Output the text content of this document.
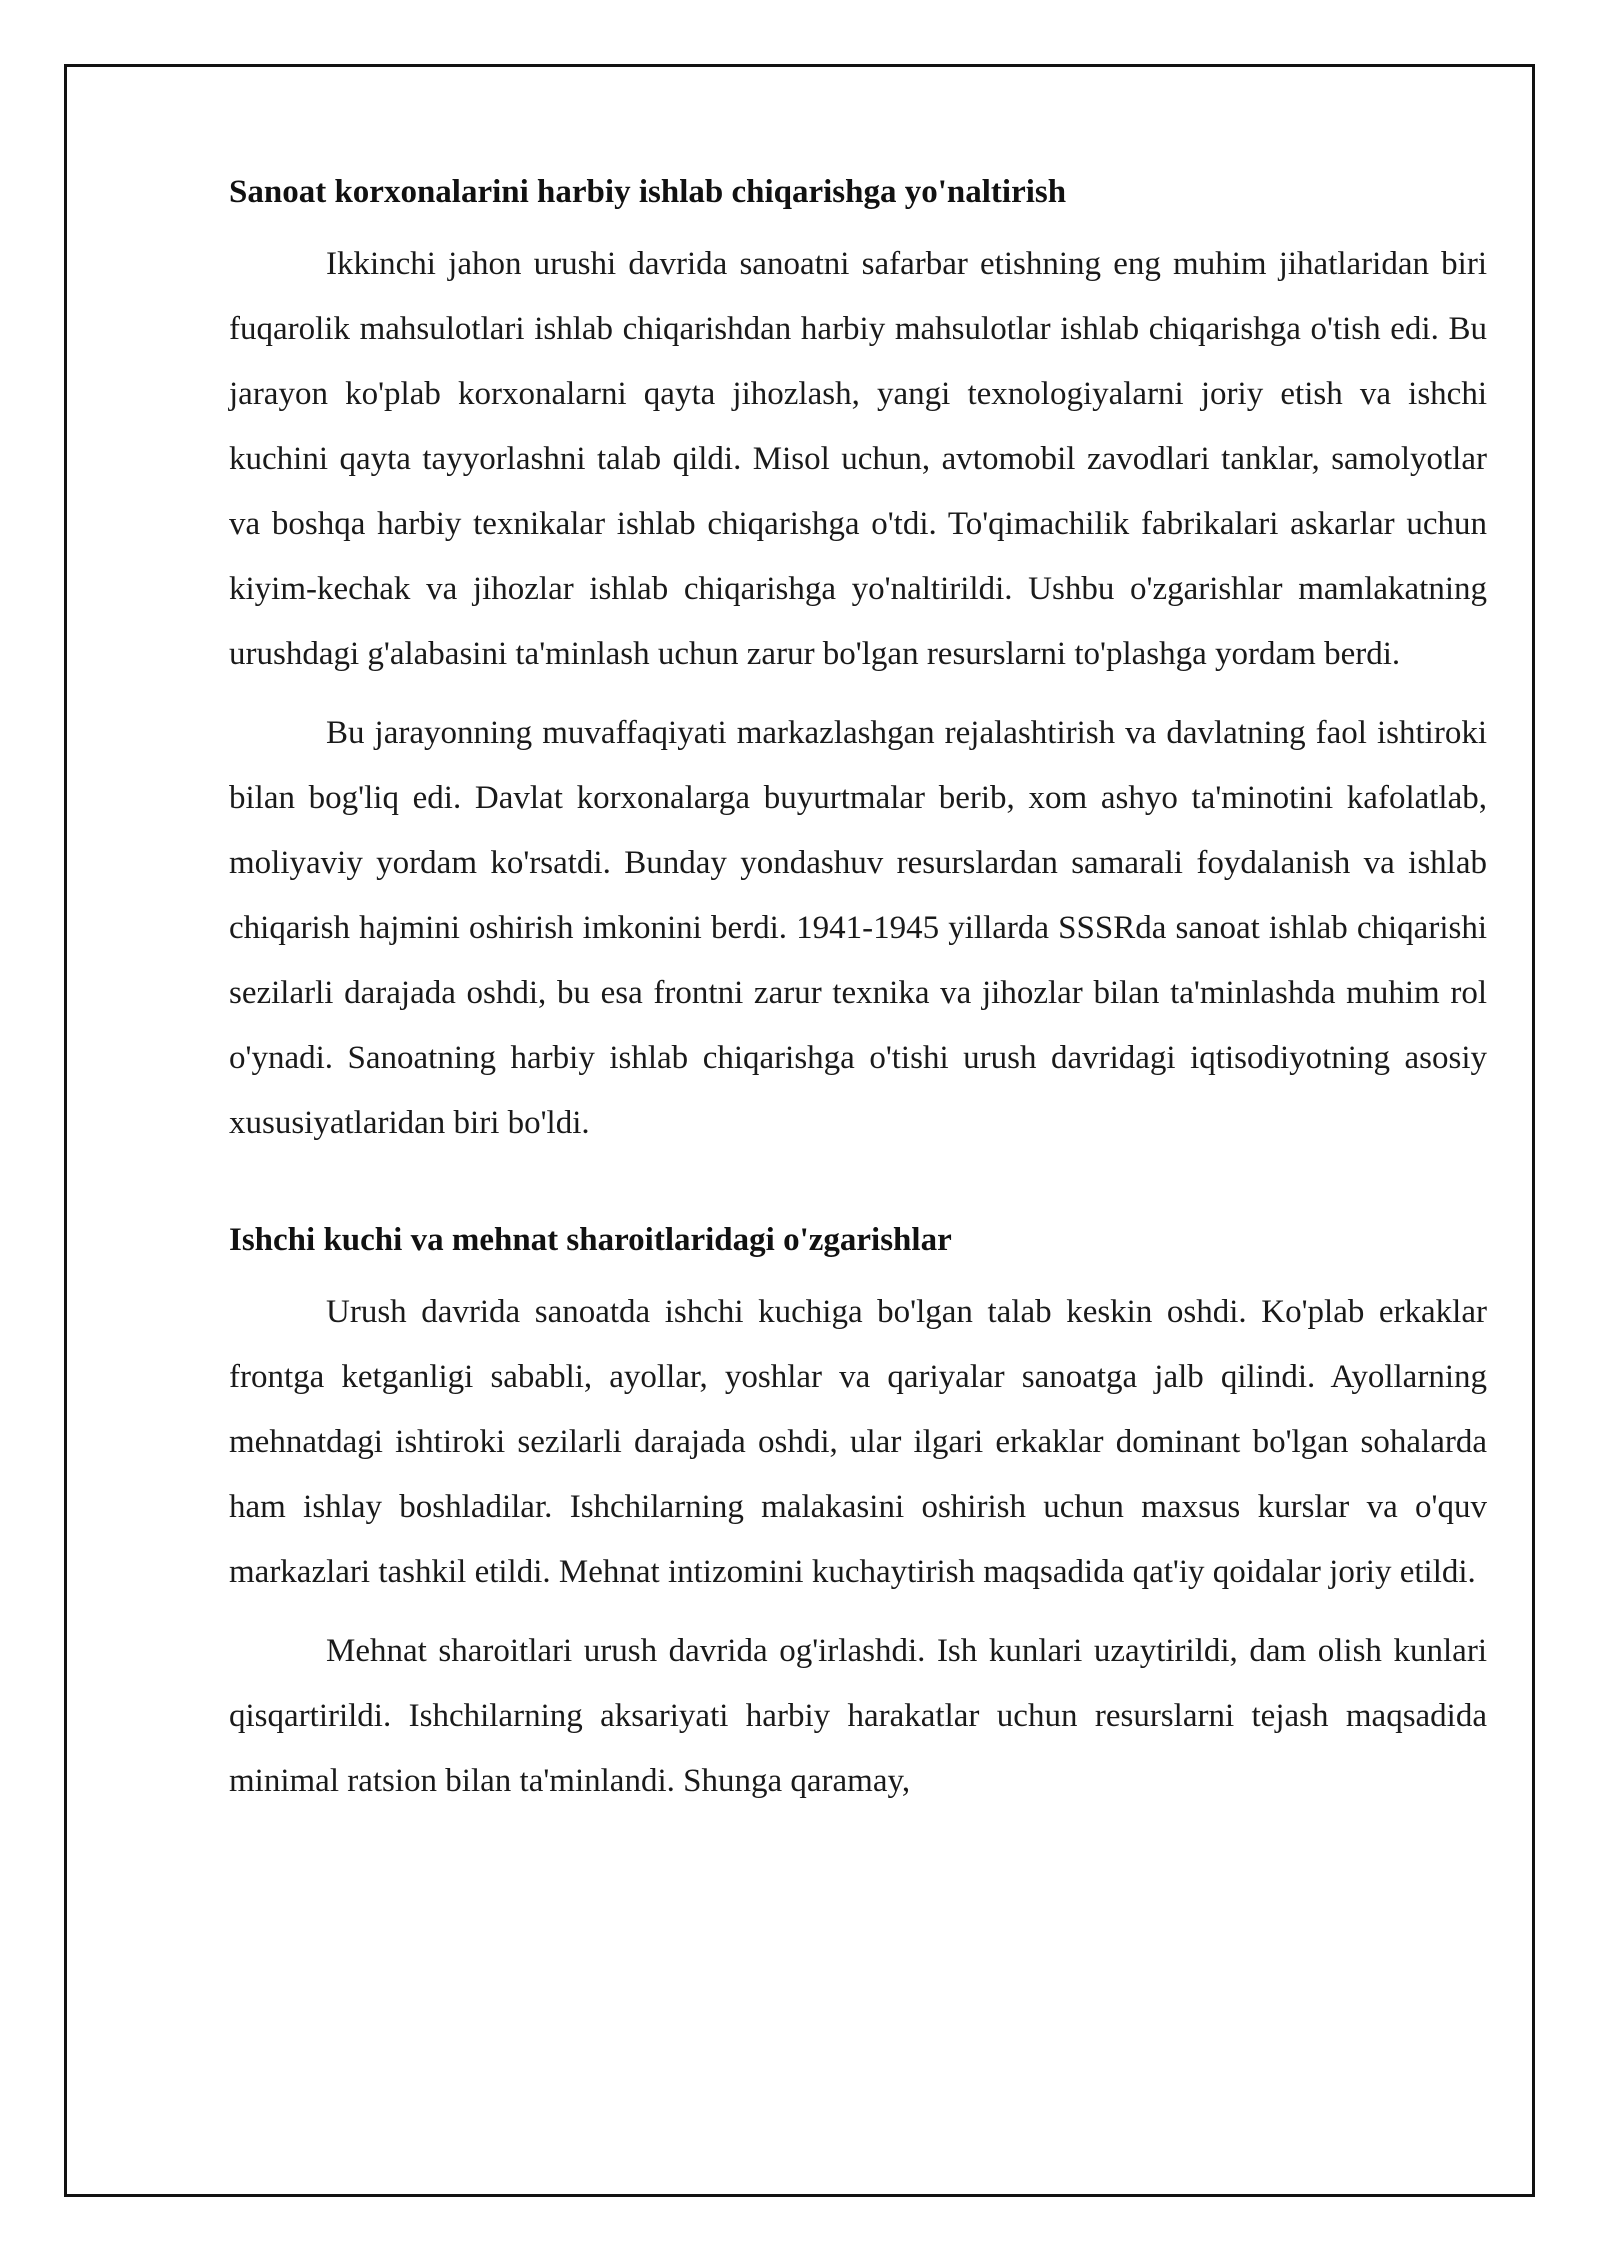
Sanoat korxonalarini harbiy ishlab chiqarishga yo'naltirish

Ikkinchi jahon urushi davrida sanoatni safarbar etishning eng muhim jihatlaridan biri fuqarolik mahsulotlari ishlab chiqarishdan harbiy mahsulotlar ishlab chiqarishga o'tish edi. Bu jarayon ko'plab korxonalarni qayta jihozlash, yangi texnologiyalarni joriy etish va ishchi kuchini qayta tayyorlashni talab qildi. Misol uchun, avtomobil zavodlari tanklar, samolyotlar va boshqa harbiy texnikalar ishlab chiqarishga o'tdi. To'qimachilik fabrikalari askarlar uchun kiyim-kechak va jihozlar ishlab chiqarishga yo'naltirildi. Ushbu o'zgarishlar mamlakatning urushdagi g'alabasini ta'minlash uchun zarur bo'lgan resurslarni to'plashga yordam berdi.

Bu jarayonning muvaffaqiyati markazlashgan rejalashtirish va davlatning faol ishtiroki bilan bog'liq edi. Davlat korxonalarga buyurtmalar berib, xom ashyo ta'minotini kafolatlab, moliyaviy yordam ko'rsatdi. Bunday yondashuv resurslardan samarali foydalanish va ishlab chiqarish hajmini oshirish imkonini berdi. 1941-1945 yillarda SSSRda sanoat ishlab chiqarishi sezilarli darajada oshdi, bu esa frontni zarur texnika va jihozlar bilan ta'minlashda muhim rol o'ynadi. Sanoatning harbiy ishlab chiqarishga o'tishi urush davridagi iqtisodiyotning asosiy xususiyatlaridan biri bo'ldi.

Ishchi kuchi va mehnat sharoitlaridagi o'zgarishlar

Urush davrida sanoatda ishchi kuchiga bo'lgan talab keskin oshdi. Ko'plab erkaklar frontga ketganligi sababli, ayollar, yoshlar va qariyalar sanoatga jalb qilindi. Ayollarning mehnatdagi ishtiroki sezilarli darajada oshdi, ular ilgari erkaklar dominant bo'lgan sohalarda ham ishlay boshladilar. Ishchilarning malakasini oshirish uchun maxsus kurslar va o'quv markazlari tashkil etildi. Mehnat intizomini kuchaytirish maqsadida qat'iy qoidalar joriy etildi.

Mehnat sharoitlari urush davrida og'irlashdi. Ish kunlari uzaytirildi, dam olish kunlari qisqartirildi. Ishchilarning aksariyati harbiy harakatlar uchun resurslarni tejash maqsadida minimal ratsion bilan ta'minlandi. Shunga qaramay,
